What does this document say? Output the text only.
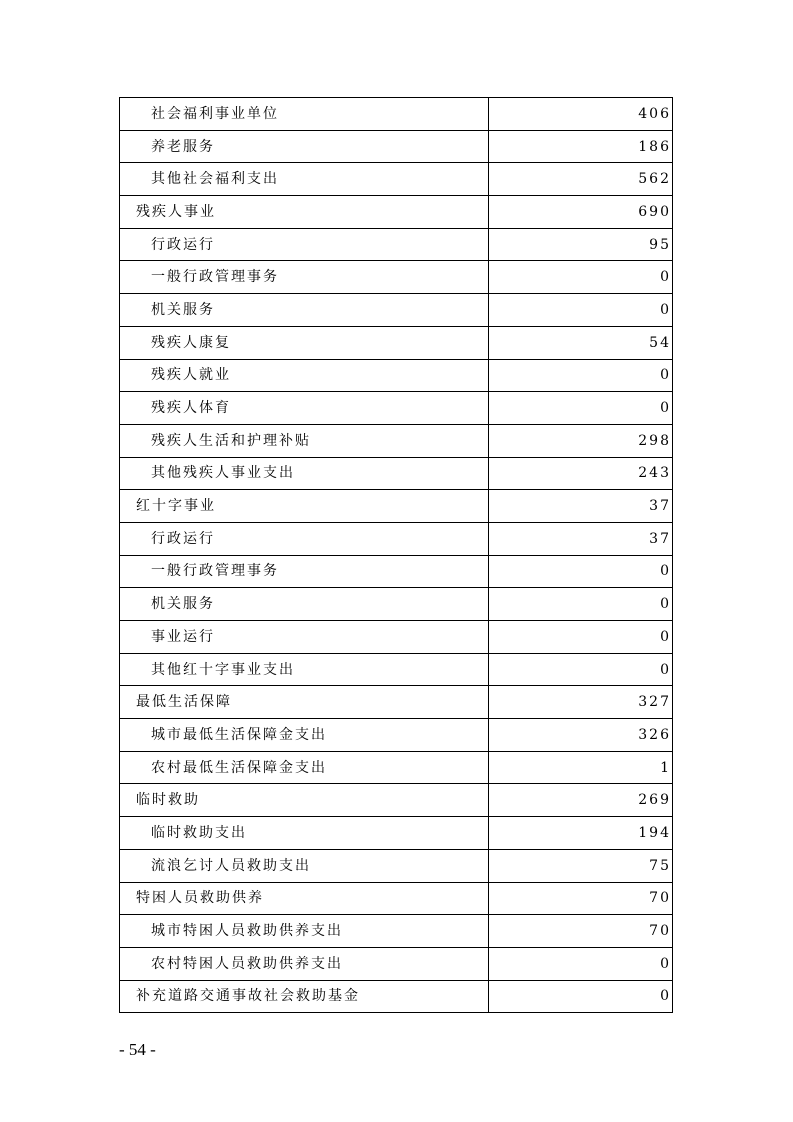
社会福利事业单位	406
养老服务	186
其他社会福利支出	562
残疾人事业	690
行政运行	95
一般行政管理事务	0
机关服务	0
残疾人康复	54
残疾人就业	0
残疾人体育	0
残疾人生活和护理补贴	298
其他残疾人事业支出	243
红十字事业	37
行政运行	37
一般行政管理事务	0
机关服务	0
事业运行	0
其他红十字事业支出	0
最低生活保障	327
城市最低生活保障金支出	326
农村最低生活保障金支出	1
临时救助	269
临时救助支出	194
流浪乞讨人员救助支出	75
特困人员救助供养	70
城市特困人员救助供养支出	70
农村特困人员救助供养支出	0
补充道路交通事故社会救助基金	0
- 54 -
